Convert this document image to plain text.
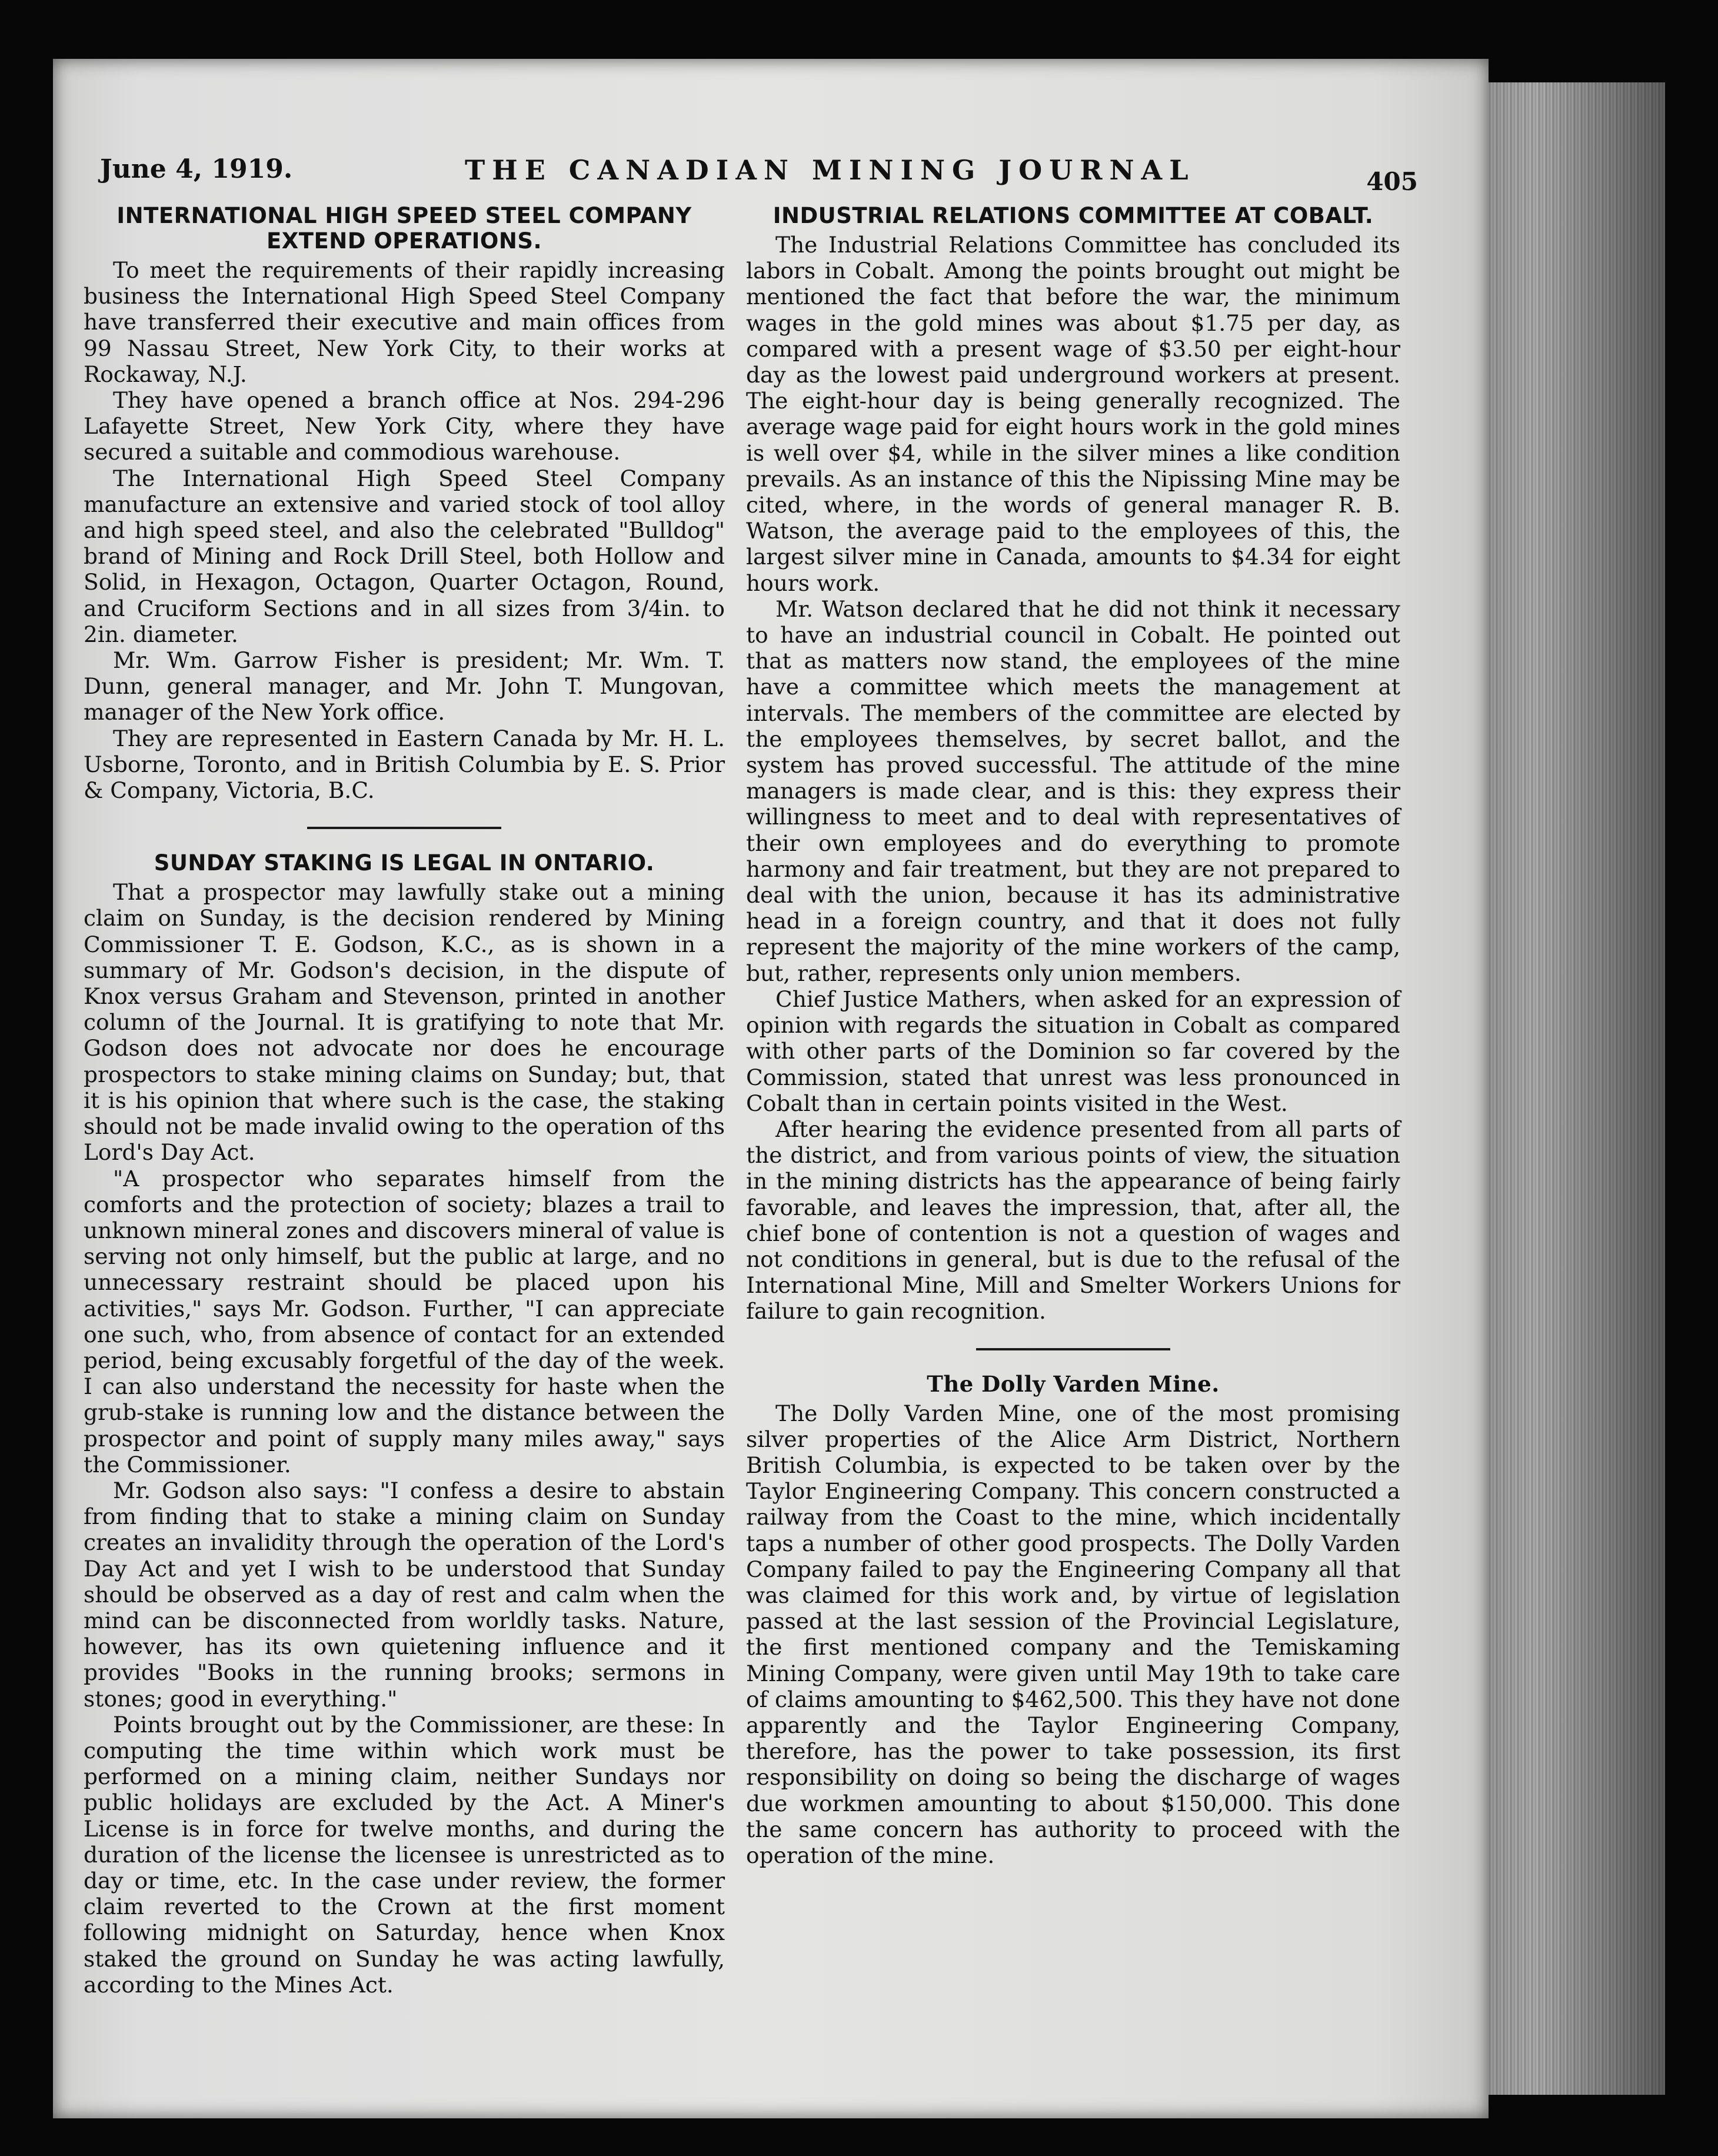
June 4, 1919.	THE CANADIAN MINING JOURNAL	405
INTERNATIONAL HIGH SPEED STEEL COMPANY EXTEND OPERATIONS.

To meet the requirements of their rapidly increasing business the International High Speed Steel Company have transferred their executive and main offices from 99 Nassau Street, New York City, to their works at Rockaway, N.J.

They have opened a branch office at Nos. 294-296 Lafayette Street, New York City, where they have secured a suitable and commodious warehouse.

The International High Speed Steel Company manufacture an extensive and varied stock of tool alloy and high speed steel, and also the celebrated "Bulldog" brand of Mining and Rock Drill Steel, both Hollow and Solid, in Hexagon, Octagon, Quarter Octagon, Round, and Cruciform Sections and in all sizes from 3/4in. to 2in. diameter.

Mr. Wm. Garrow Fisher is president; Mr. Wm. T. Dunn, general manager, and Mr. John T. Mungovan, manager of the New York office.

They are represented in Eastern Canada by Mr. H. L. Usborne, Toronto, and in British Columbia by E. S. Prior & Company, Victoria, B.C.

SUNDAY STAKING IS LEGAL IN ONTARIO.

That a prospector may lawfully stake out a mining claim on Sunday, is the decision rendered by Mining Commissioner T. E. Godson, K.C., as is shown in a summary of Mr. Godson's decision, in the dispute of Knox versus Graham and Stevenson, printed in another column of the Journal. It is gratifying to note that Mr. Godson does not advocate nor does he encourage prospectors to stake mining claims on Sunday; but, that it is his opinion that where such is the case, the staking should not be made invalid owing to the operation of ths Lord's Day Act.

"A prospector who separates himself from the comforts and the protection of society; blazes a trail to unknown mineral zones and discovers mineral of value is serving not only himself, but the public at large, and no unnecessary restraint should be placed upon his activities," says Mr. Godson. Further, "I can appreciate one such, who, from absence of contact for an extended period, being excusably forgetful of the day of the week. I can also understand the necessity for haste when the grub-stake is running low and the distance between the prospector and point of supply many miles away," says the Commissioner.

Mr. Godson also says: "I confess a desire to abstain from finding that to stake a mining claim on Sunday creates an invalidity through the operation of the Lord's Day Act and yet I wish to be understood that Sunday should be observed as a day of rest and calm when the mind can be disconnected from worldly tasks. Nature, however, has its own quietening influence and it provides "Books in the running brooks; sermons in stones; good in everything."

Points brought out by the Commissioner, are these: In computing the time within which work must be performed on a mining claim, neither Sundays nor public holidays are excluded by the Act. A Miner's License is in force for twelve months, and during the duration of the license the licensee is unrestricted as to day or time, etc. In the case under review, the former claim reverted to the Crown at the first moment following midnight on Saturday, hence when Knox staked the ground on Sunday he was acting lawfully, according to the Mines Act.

INDUSTRIAL RELATIONS COMMITTEE AT COBALT.

The Industrial Relations Committee has concluded its labors in Cobalt. Among the points brought out might be mentioned the fact that before the war, the minimum wages in the gold mines was about $1.75 per day, as compared with a present wage of $3.50 per eight-hour day as the lowest paid underground workers at present. The eight-hour day is being generally recognized. The average wage paid for eight hours work in the gold mines is well over $4, while in the silver mines a like condition prevails. As an instance of this the Nipissing Mine may be cited, where, in the words of general manager R. B. Watson, the average paid to the employees of this, the largest silver mine in Canada, amounts to $4.34 for eight hours work.

Mr. Watson declared that he did not think it necessary to have an industrial council in Cobalt. He pointed out that as matters now stand, the employees of the mine have a committee which meets the management at intervals. The members of the committee are elected by the employees themselves, by secret ballot, and the system has proved successful. The attitude of the mine managers is made clear, and is this: they express their willingness to meet and to deal with representatives of their own employees and do everything to promote harmony and fair treatment, but they are not prepared to deal with the union, because it has its administrative head in a foreign country, and that it does not fully represent the majority of the mine workers of the camp, but, rather, represents only union members.

Chief Justice Mathers, when asked for an expression of opinion with regards the situation in Cobalt as compared with other parts of the Dominion so far covered by the Commission, stated that unrest was less pronounced in Cobalt than in certain points visited in the West.

After hearing the evidence presented from all parts of the district, and from various points of view, the situation in the mining districts has the appearance of being fairly favorable, and leaves the impression, that, after all, the chief bone of contention is not a question of wages and not conditions in general, but is due to the refusal of the International Mine, Mill and Smelter Workers Unions for failure to gain recognition.

The Dolly Varden Mine.

The Dolly Varden Mine, one of the most promising silver properties of the Alice Arm District, Northern British Columbia, is expected to be taken over by the Taylor Engineering Company. This concern constructed a railway from the Coast to the mine, which incidentally taps a number of other good prospects. The Dolly Varden Company failed to pay the Engineering Company all that was claimed for this work and, by virtue of legislation passed at the last session of the Provincial Legislature, the first mentioned company and the Temiskaming Mining Company, were given until May 19th to take care of claims amounting to $462,500. This they have not done apparently and the Taylor Engineering Company, therefore, has the power to take possession, its first responsibility on doing so being the discharge of wages due workmen amounting to about $150,000. This done the same concern has authority to proceed with the operation of the mine.
